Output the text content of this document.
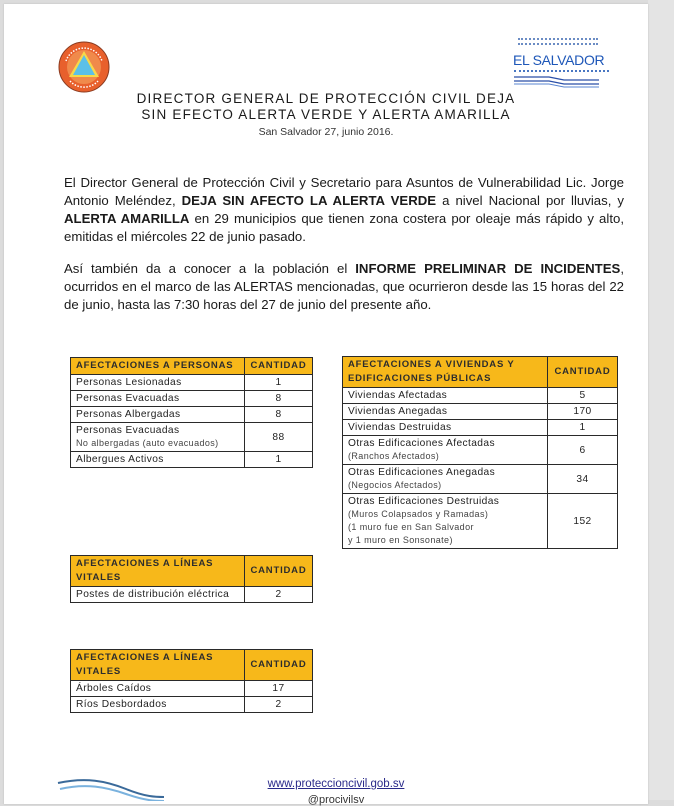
EL SALVADOR
DIRECTOR GENERAL DE PROTECCIÓN CIVIL DEJA
SIN EFECTO ALERTA VERDE Y ALERTA AMARILLA
San Salvador 27, junio 2016.
El Director General de Protección Civil y Secretario para Asuntos de Vulnerabilidad Lic. Jorge Antonio Meléndez, DEJA SIN AFECTO LA ALERTA VERDE a nivel Nacional por lluvias, y ALERTA AMARILLA en 29 municipios que tienen zona costera por oleaje más rápido y alto, emitidas el miércoles 22 de junio pasado.
Así también da a conocer a la población el INFORME PRELIMINAR DE INCIDENTES, ocurridos en el marco de las ALERTAS mencionadas, que ocurrieron desde las 15 horas del 22 de junio, hasta las 7:30 horas del 27 de junio del presente año.
AFECTACIONES A PERSONAS	CANTIDAD
Personas Lesionadas	1
Personas Evacuadas	8
Personas Albergadas	8
Personas Evacuadas
No albergadas (auto evacuados)	88
Albergues Activos	1
AFECTACIONES A VIVIENDAS Y EDIFICACIONES PÚBLICAS	CANTIDAD
Viviendas Afectadas	5
Viviendas Anegadas	170
Viviendas Destruidas	1
Otras Edificaciones Afectadas
(Ranchos Afectados)	6
Otras Edificaciones Anegadas
(Negocios Afectados)	34
Otras Edificaciones Destruidas
(Muros Colapsados y Ramadas)
(1 muro fue en San Salvador
y 1 muro en Sonsonate)	152
AFECTACIONES A LÍNEAS VITALES	CANTIDAD
Postes de distribución eléctrica	2
AFECTACIONES A LÍNEAS VITALES	CANTIDAD
Árboles Caídos	17
Ríos Desbordados	2
www.proteccioncivil.gob.sv
@procivilsv
